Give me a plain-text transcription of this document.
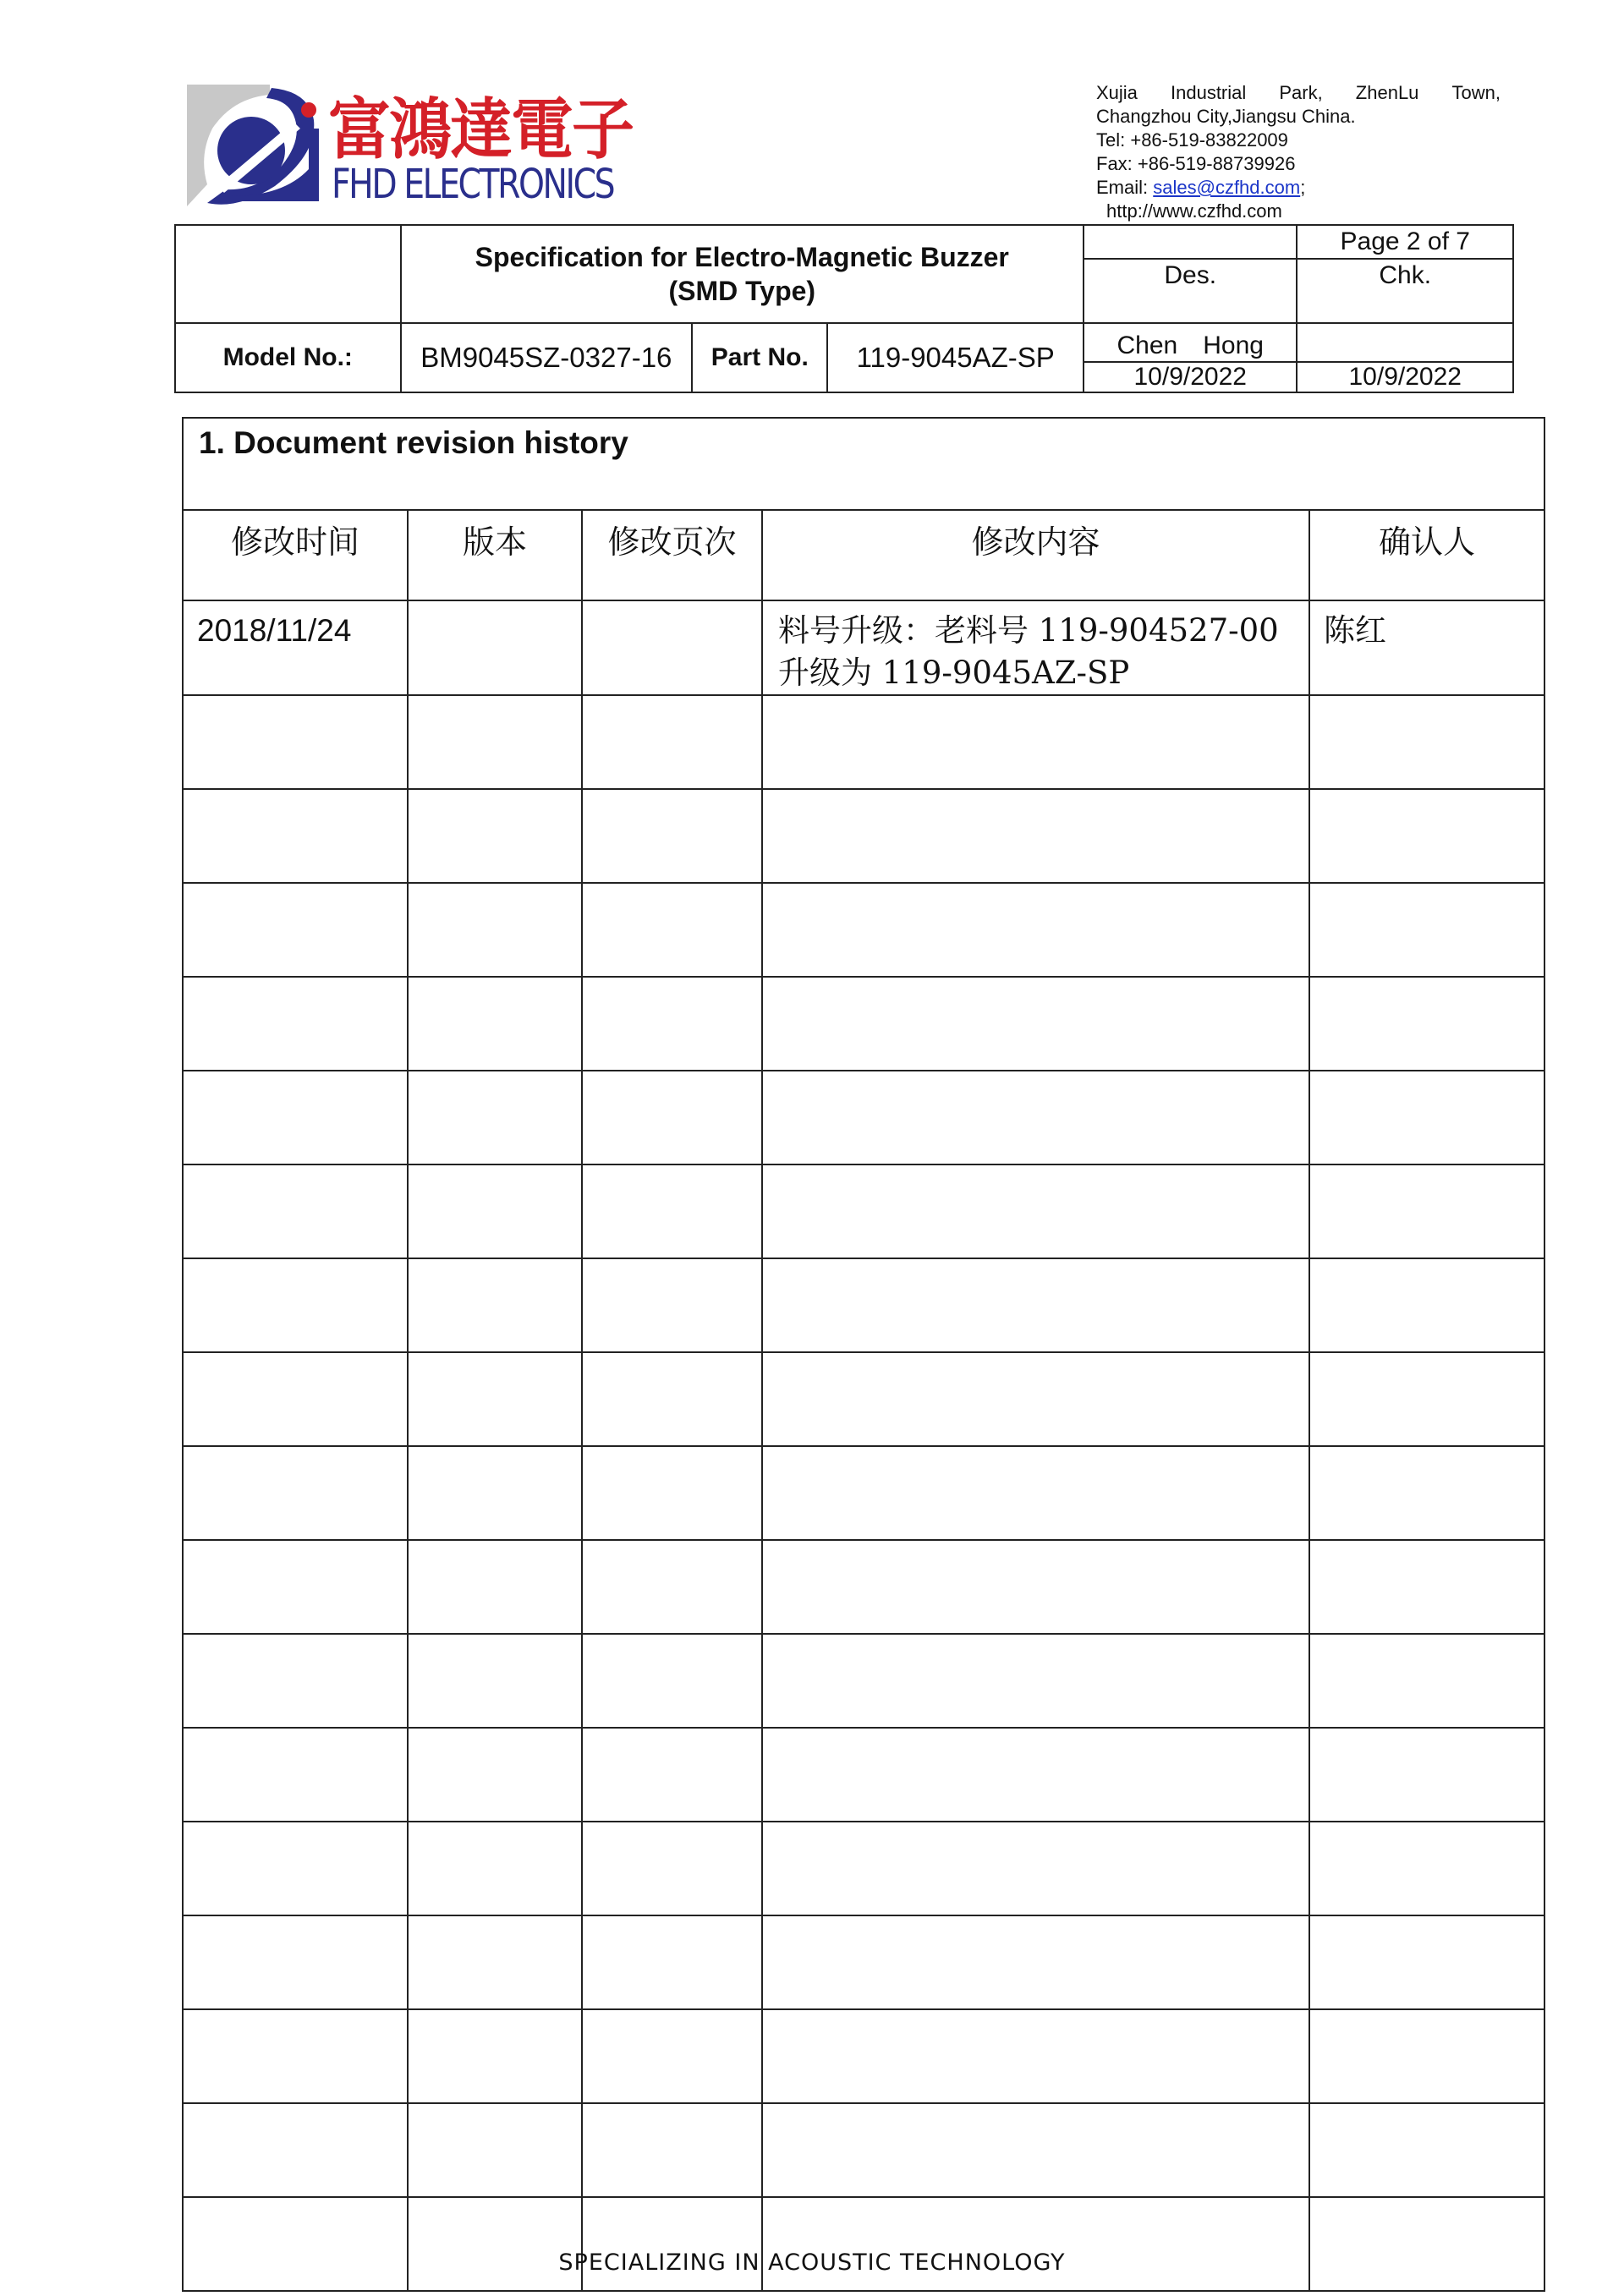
富鴻達電子
FHD ELECTRONICS
Xujia Industrial Park, ZhenLu Town,
Changzhou City,Jiangsu China.
Tel: +86-519-83822009
Fax: +86-519-88739926
Email: sales@czfhd.com;
http://www.czfhd.com

	Specification for Electro-Magnetic Buzzer
(SMD Type)				Page 2 of 7
				Des.	Chk.
Model No.:	BM9045SZ-0327-16	Part No.	119-9045AZ-SP	Chen　Hong	
				10/9/2022	10/9/2022
1. Document revision history				
修改时间	版本	修改页次	修改内容	确认人
2018/11/24			料号升级：老料号 119-904527-00
升级为 119-9045AZ-SP	陈红

SPECIALIZING IN ACOUSTIC TECHNOLOGY
